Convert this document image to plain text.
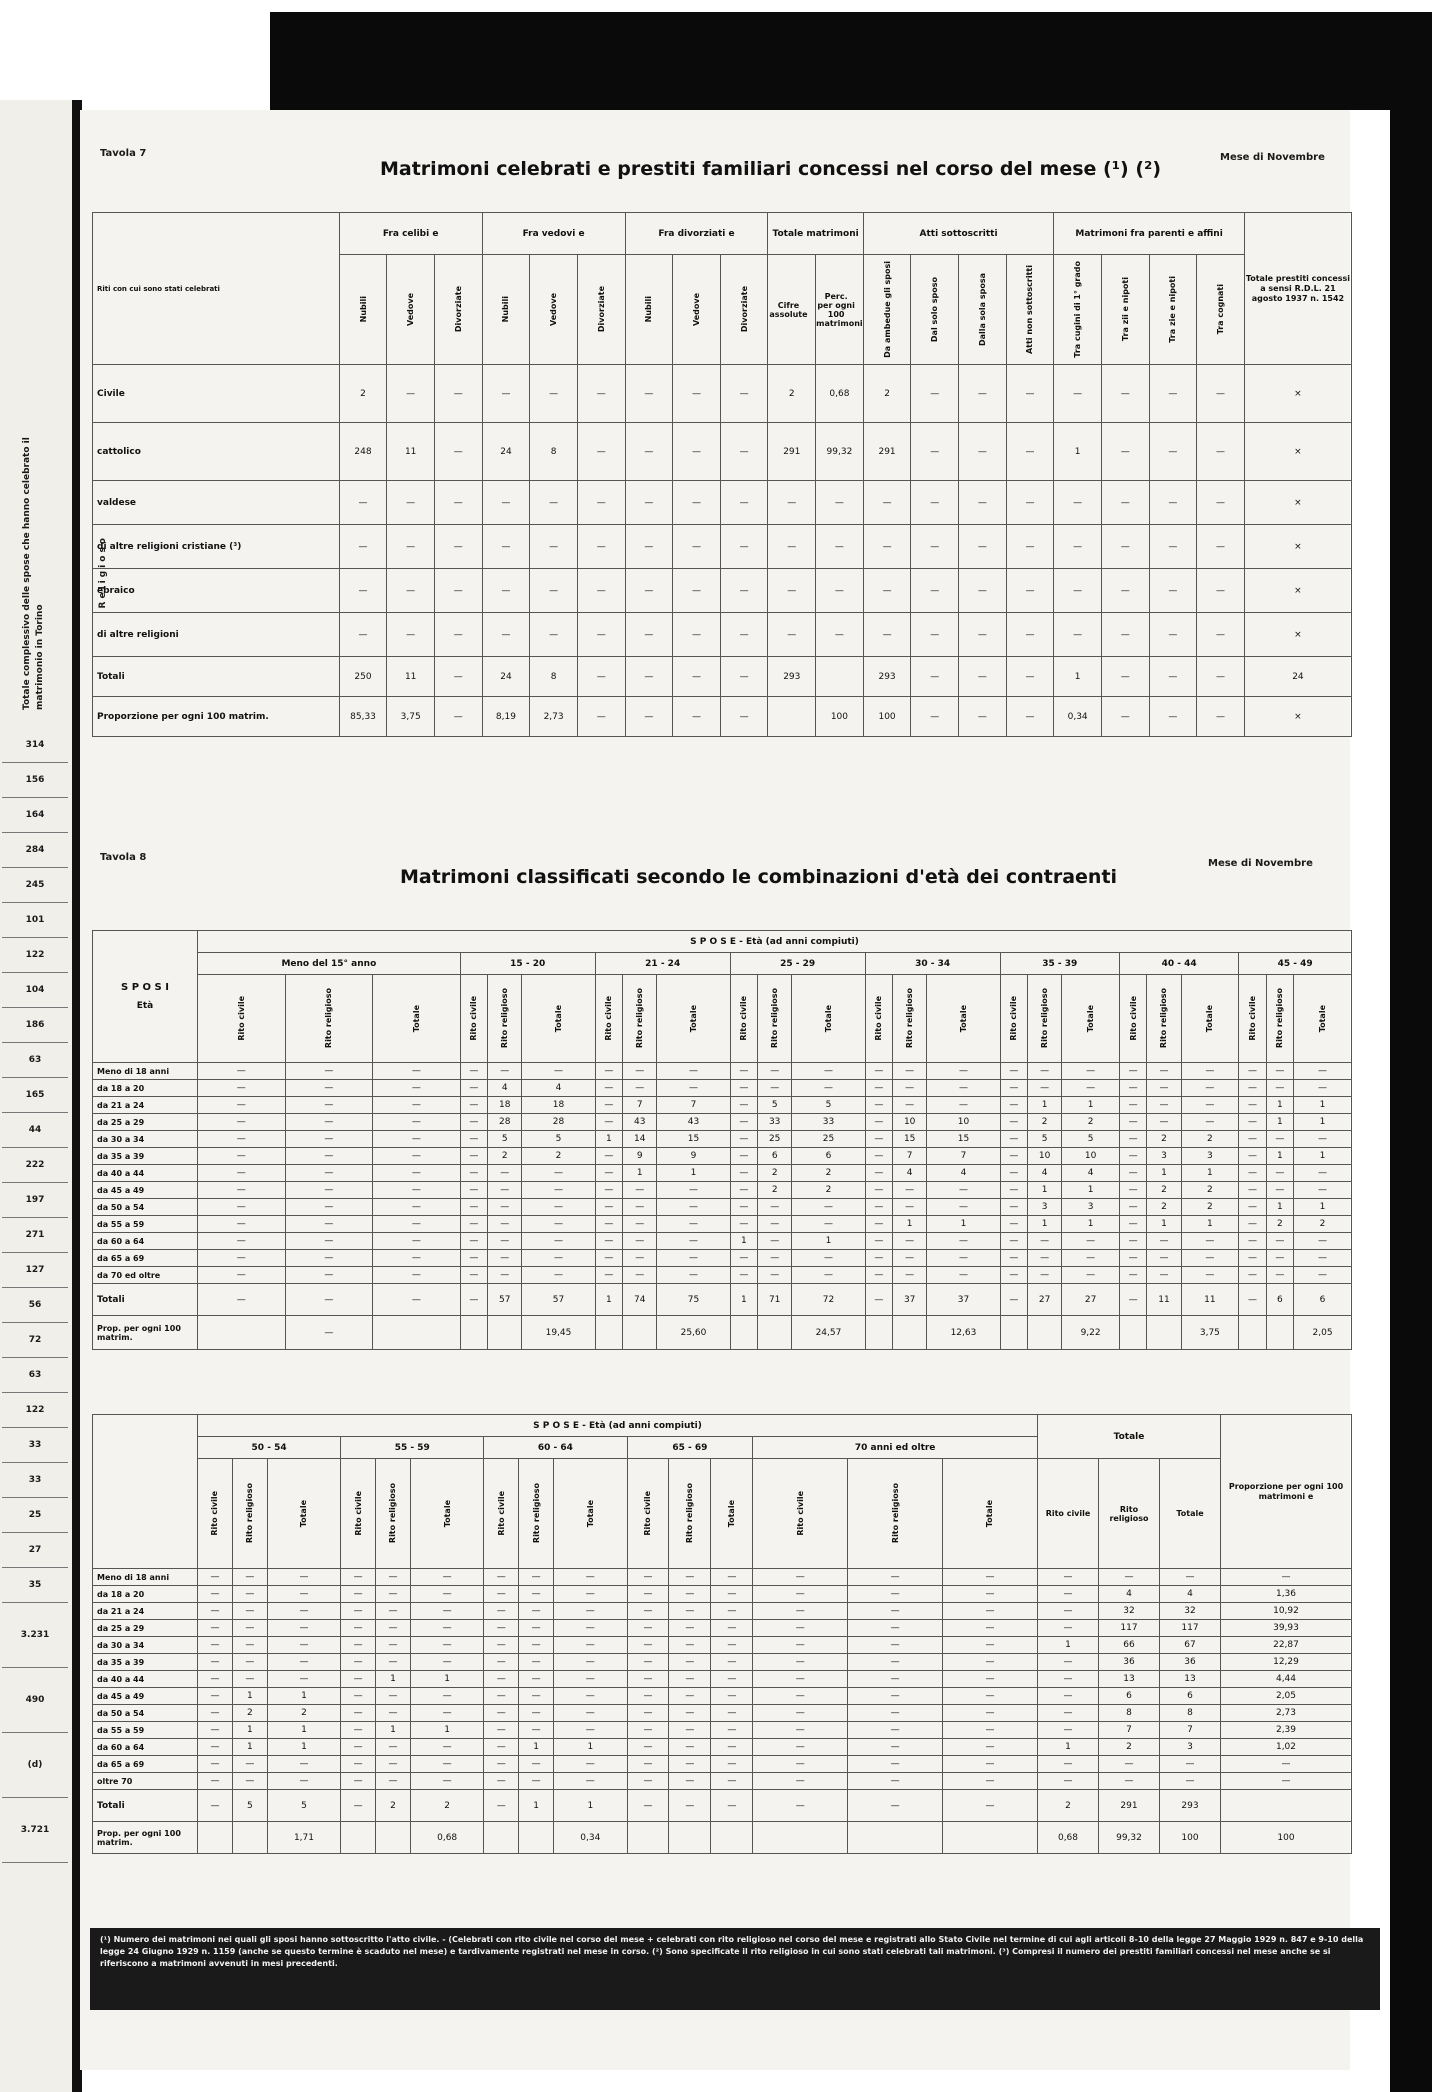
Totale complessivo delle spose che hanno celebrato il matrimonio in Torino
314
156
164
284
245
101
122
104
186
63
165
44
222
197
271
127
56
72
63
122
33
33
25
27
35
3.231
490
(d)
3.721
Tavola 7
Matrimoni celebrati e prestiti familiari concessi nel corso del mese (¹) (²)
Mese di Novembre
Riti con cui sono stati celebrati	Fra celibi e			Fra vedovi e			Fra divorziati e			Totale matrimoni		Atti sottoscritti				Matrimoni fra parenti e affini				Totale prestiti concessi a sensi R.D.L. 21 agosto 1937 n. 1542

	Nubili	Vedove	Divorziate	Nubili	Vedove	Divorziate	Nubili	Vedove	Divorziate	Cifre assolute	Perc. per ogni 100 matrimoni	Da ambedue gli sposi	Dal solo sposo	Dalla sola sposa	Atti non sottoscritti	Tra cugini di 1° grado	Tra zii e nipoti	Tra zie e nipoti	Tra cognati	

Civile	2	—	—	—	—	—	—	—	—	2	0,68	2	—	—	—	—	—	—	—	×
cattolico	248	11	—	24	8	—	—	—	—	291	99,32	291	—	—	—	1	—	—	—	×
valdese	—	—	—	—	—	—	—	—	—	—	—	—	—	—	—	—	—	—	—	×
di altre religioni cristiane (³)	—	—	—	—	—	—	—	—	—	—	—	—	—	—	—	—	—	—	—	×
ebraico	—	—	—	—	—	—	—	—	—	—	—	—	—	—	—	—	—	—	—	×
di altre religioni	—	—	—	—	—	—	—	—	—	—	—	—	—	—	—	—	—	—	—	×
Totali	250	11	—	24	8	—	—	—	—	293		293	—	—	—	1	—	—	—	24
Proporzione per ogni 100 matrim.	85,33	3,75	—	8,19	2,73	—	—	—	—		100	100	—	—	—	0,34	—	—	—	×
Tavola 8
Matrimoni classificati secondo le combinazioni d'età dei contraenti
Mese di Novembre
S P O S I
Età	S P O S E - Età (ad anni compiuti)																							
	Meno del 15° anno			15 - 20			21 - 24			25 - 29			30 - 34			35 - 39			40 - 44			45 - 49		

	Rito civile	Rito religioso	Totale	Rito civile	Rito religioso	Totale	Rito civile	Rito religioso	Totale	Rito civile	Rito religioso	Totale	Rito civile	Rito religioso	Totale	Rito civile	Rito religioso	Totale	Rito civile	Rito religioso	Totale	Rito civile	Rito religioso	Totale

Meno di 18 anni	—	—	—	—	—	—	—	—	—	—	—	—	—	—	—	—	—	—	—	—	—	—	—	—
da 18 a 20	—	—	—	—	4	4	—	—	—	—	—	—	—	—	—	—	—	—	—	—	—	—	—	—
da 21 a 24	—	—	—	—	18	18	—	7	7	—	5	5	—	—	—	—	1	1	—	—	—	—	1	1
da 25 a 29	—	—	—	—	28	28	—	43	43	—	33	33	—	10	10	—	2	2	—	—	—	—	1	1
da 30 a 34	—	—	—	—	5	5	1	14	15	—	25	25	—	15	15	—	5	5	—	2	2	—	—	—
da 35 a 39	—	—	—	—	2	2	—	9	9	—	6	6	—	7	7	—	10	10	—	3	3	—	1	1
da 40 a 44	—	—	—	—	—	—	—	1	1	—	2	2	—	4	4	—	4	4	—	1	1	—	—	—
da 45 a 49	—	—	—	—	—	—	—	—	—	—	2	2	—	—	—	—	1	1	—	2	2	—	—	—
da 50 a 54	—	—	—	—	—	—	—	—	—	—	—	—	—	—	—	—	3	3	—	2	2	—	1	1
da 55 a 59	—	—	—	—	—	—	—	—	—	—	—	—	—	1	1	—	1	1	—	1	1	—	2	2
da 60 a 64	—	—	—	—	—	—	—	—	—	1	—	1	—	—	—	—	—	—	—	—	—	—	—	—
da 65 a 69	—	—	—	—	—	—	—	—	—	—	—	—	—	—	—	—	—	—	—	—	—	—	—	—
da 70 ed oltre	—	—	—	—	—	—	—	—	—	—	—	—	—	—	—	—	—	—	—	—	—	—	—	—
Totali	—	—	—	—	57	57	1	74	75	1	71	72	—	37	37	—	27	27	—	11	11	—	6	6
Prop. per ogni 100 matrim.		—				19,45			25,60			24,57			12,63			9,22			3,75			2,05
	S P O S E - Età (ad anni compiuti)															Totale			Proporzione per ogni 100 matrimoni e
	50 - 54			55 - 59			60 - 64			65 - 69			70 anni ed oltre						

	Rito civile	Rito religioso	Totale	Rito civile	Rito religioso	Totale	Rito civile	Rito religioso	Totale	Rito civile	Rito religioso	Totale	Rito civile	Rito religioso	Totale	Rito civile	Rito religioso	Totale	
Meno di 18 anni	—	—	—	—	—	—	—	—	—	—	—	—	—	—	—	—	—	—	—
da 18 a 20	—	—	—	—	—	—	—	—	—	—	—	—	—	—	—	—	4	4	1,36
da 21 a 24	—	—	—	—	—	—	—	—	—	—	—	—	—	—	—	—	32	32	10,92
da 25 a 29	—	—	—	—	—	—	—	—	—	—	—	—	—	—	—	—	117	117	39,93
da 30 a 34	—	—	—	—	—	—	—	—	—	—	—	—	—	—	—	1	66	67	22,87
da 35 a 39	—	—	—	—	—	—	—	—	—	—	—	—	—	—	—	—	36	36	12,29
da 40 a 44	—	—	—	—	1	1	—	—	—	—	—	—	—	—	—	—	13	13	4,44
da 45 a 49	—	1	1	—	—	—	—	—	—	—	—	—	—	—	—	—	6	6	2,05
da 50 a 54	—	2	2	—	—	—	—	—	—	—	—	—	—	—	—	—	8	8	2,73
da 55 a 59	—	1	1	—	1	1	—	—	—	—	—	—	—	—	—	—	7	7	2,39
da 60 a 64	—	1	1	—	—	—	—	1	1	—	—	—	—	—	—	1	2	3	1,02
da 65 a 69	—	—	—	—	—	—	—	—	—	—	—	—	—	—	—	—	—	—	—
oltre 70	—	—	—	—	—	—	—	—	—	—	—	—	—	—	—	—	—	—	—
Totali	—	5	5	—	2	2	—	1	1	—	—	—	—	—	—	2	291	293	
Prop. per ogni 100 matrim.			1,71			0,68			0,34							0,68	99,32	100	100
(¹) Numero dei matrimoni nei quali gli sposi hanno sottoscritto l'atto civile. - (Celebrati con rito civile nel corso del mese + celebrati con rito religioso nel corso del mese e registrati allo Stato Civile nel termine di cui agli articoli 8-10 della legge 27 Maggio 1929 n. 847 e 9-10 della legge 24 Giugno 1929 n. 1159 (anche se questo termine è scaduto nel mese) e tardivamente registrati nel mese in corso. (²) Sono specificate il rito religioso in cui sono stati celebrati tali matrimoni. (³) Compresi il numero dei prestiti familiari concessi nel mese anche se si riferiscono a matrimoni avvenuti in mesi precedenti.
Religioso
